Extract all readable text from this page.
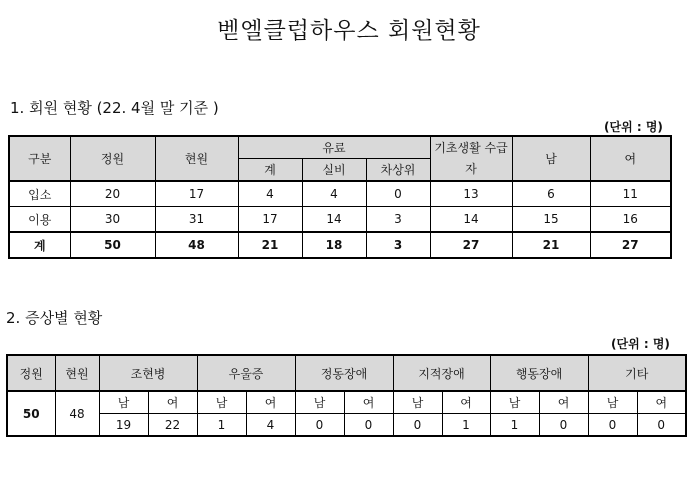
벧엘클럽하우스 회원현황
1. 회원 현황 (22. 4월 말 기준 )
(단위 : 명)
구분	정원	현원	유료			기초생활 수급자	남	여
			계	실비	차상위			
입소	20	17	4	4	0	13	6	11
이용	30	31	17	14	3	14	15	16
계	50	48	21	18	3	27	21	27
2. 증상별 현황
(단위 : 명)
정원	현원	조현병		우울증		정동장애		지적장애		행동장애		기타	
50	48	남	여	남	여	남	여	남	여	남	여	남	여
		19	22	1	4	0	0	0	1	1	0	0	0
